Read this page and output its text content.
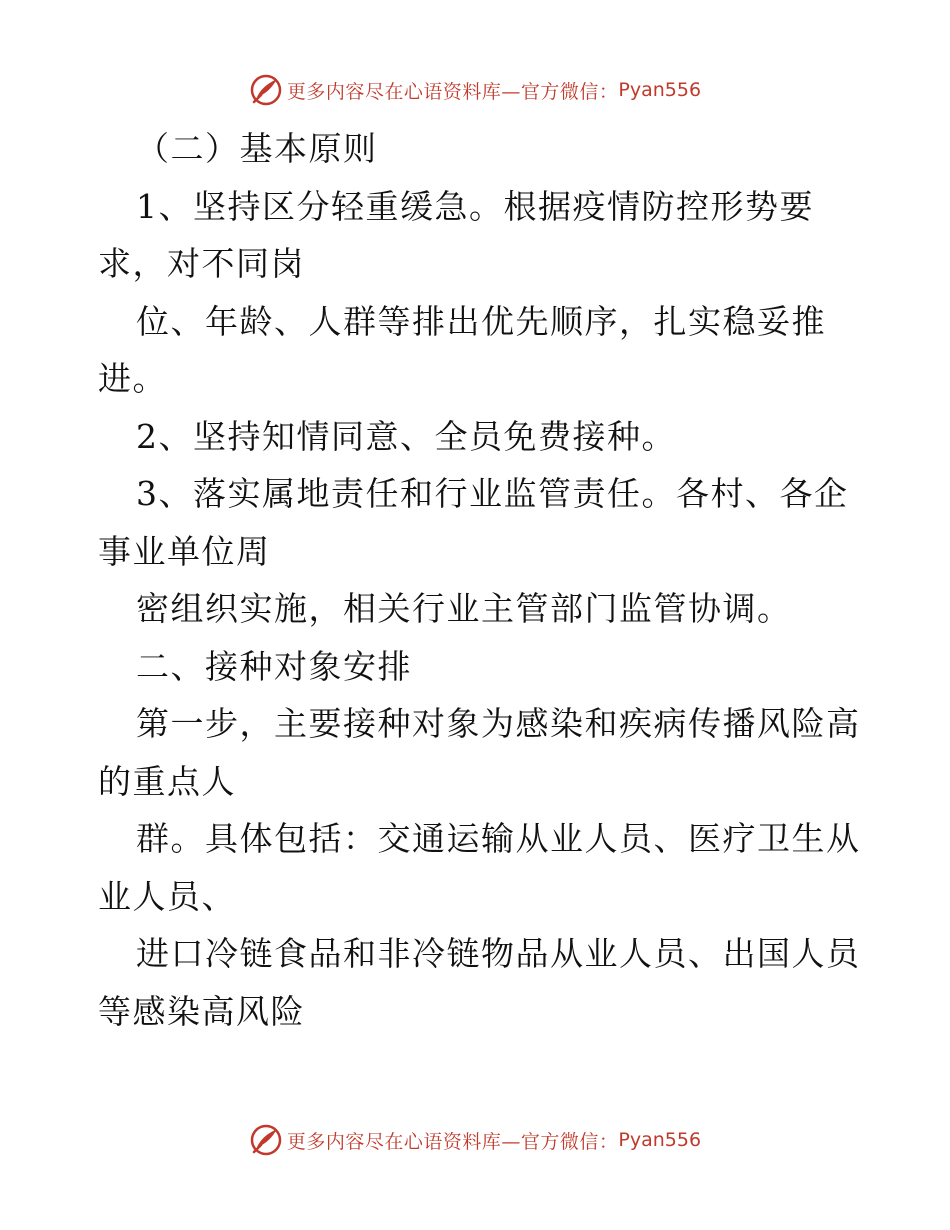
更多内容尽在心语资料库—官方微信： Pyan556
（二）基本原则
1、坚持区分轻重缓急。根据疫情防控形势要
求，对不同岗
位、年龄、人群等排出优先顺序，扎实稳妥推
进。
2、坚持知情同意、全员免费接种。
3、落实属地责任和行业监管责任。各村、各企
事业单位周
密组织实施，相关行业主管部门监管协调。
二、接种对象安排
第一步，主要接种对象为感染和疾病传播风险高
的重点人
群。具体包括：交通运输从业人员、医疗卫生从
业人员、
进口冷链食品和非冷链物品从业人员、出国人员
等感染高风险
更多内容尽在心语资料库—官方微信： Pyan556
